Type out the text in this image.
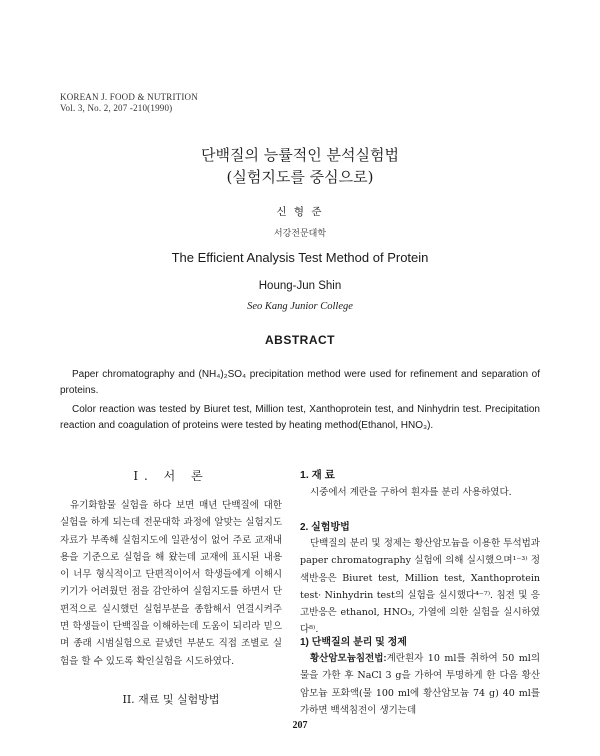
KOREAN J. FOOD & NUTRITION
Vol. 3, No. 2, 207 -210(1990)
단백질의 능률적인 분석실험법
(실험지도를 중심으로)
신 형 준
서강전문대학
The Efficient Analysis Test Method of Protein
Houng-Jun Shin
Seo Kang Junior College
ABSTRACT

Paper chromatography and (NH₄)₂SO₄ precipitation method were used for refinement and separation of proteins.

Color reaction was tested by Biuret test, Million test, Xanthoprotein test, and Ninhydrin test. Precipitation reaction and coagulation of proteins were tested by heating method(Ethanol, HNO₃).

I. 서 론

유기화합물 실험을 하다 보면 매년 단백질에 대한 실험을 하게 되는데 전문대학 과정에 알맞는 실험지도 자료가 부족해 실험지도에 일관성이 없어 주로 교재내용을 기준으로 실험을 해 왔는데 교재에 표시된 내용이 너무 형식적이고 단편적이어서 학생들에게 이해시키기가 어려웠던 점을 감안하여 실험지도를 하면서 단편적으로 실시했던 실험부분을 종합해서 연결시켜주면 학생들이 단백질을 이해하는데 도움이 되리라 믿으며 종래 시범실험으로 끝냈던 부분도 직접 조별로 실험을 할 수 있도록 확인실험을 시도하였다.

II. 재료 및 실험방법
1. 재 료

시중에서 계란을 구하여 흰자를 분리 사용하였다.

2. 실험방법

단백질의 분리 및 정제는 황산암모늄을 이용한 투석법과 paper chromatography 실험에 의해 실시했으며¹⁻³⁾ 정색반응은 Biuret test, Million test, Xanthoprotein test· Ninhydrin test의 실험을 실시했다⁴⁻⁷⁾. 침전 및 응고반응은 ethanol, HNO₃, 가열에 의한 실험을 실시하였다⁸⁾.

1) 단백질의 분리 및 정제

황산암모늄침전법:계란흰자 10 ml를 취하여 50 ml의 물을 가한 후 NaCl 3 g을 가하여 투명하게 한 다음 황산암모늄 포화액(물 100 ml에 황산암모늄 74 g) 40 ml를 가하면 백색침전이 생기는데

207
